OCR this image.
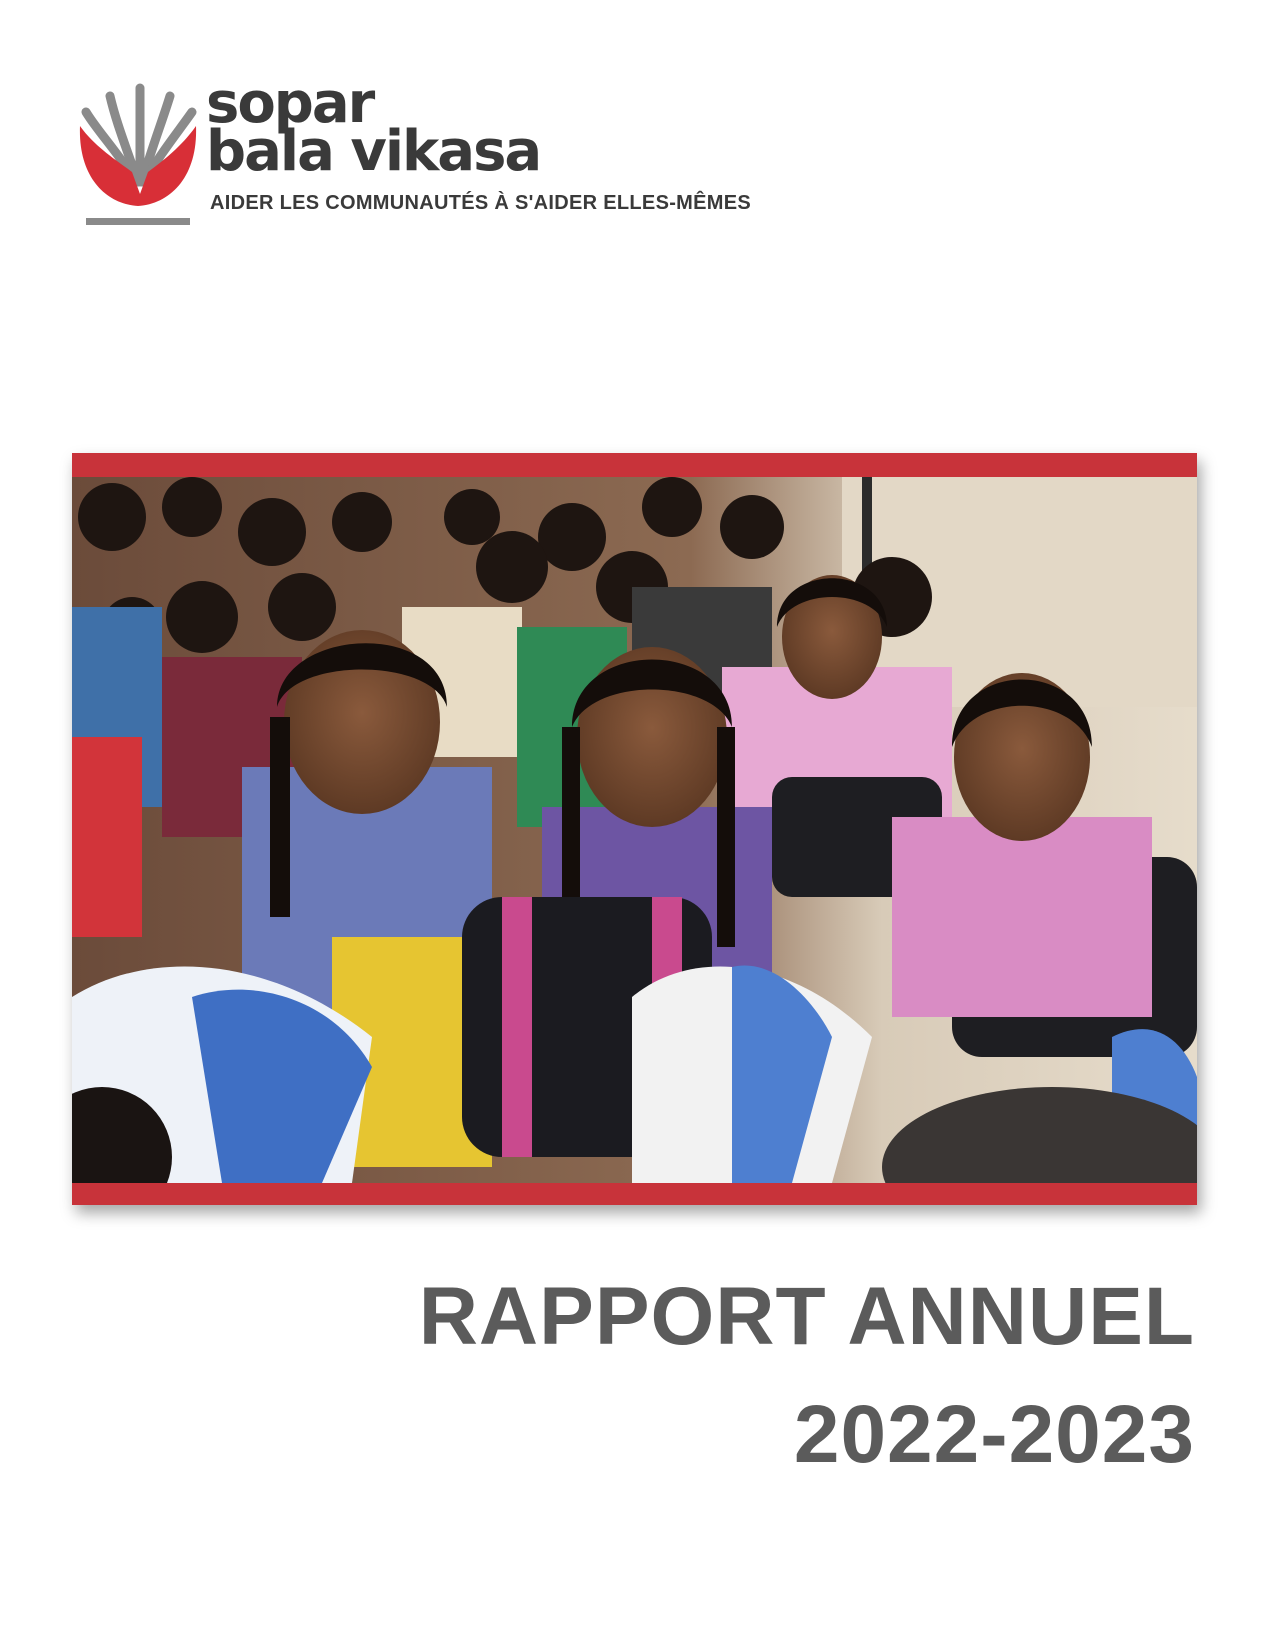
sopar
bala vikasa
AIDER LES COMMUNAUTÉS À S'AIDER ELLES-MÊMES
RAPPORT ANNUEL
2022-2023
